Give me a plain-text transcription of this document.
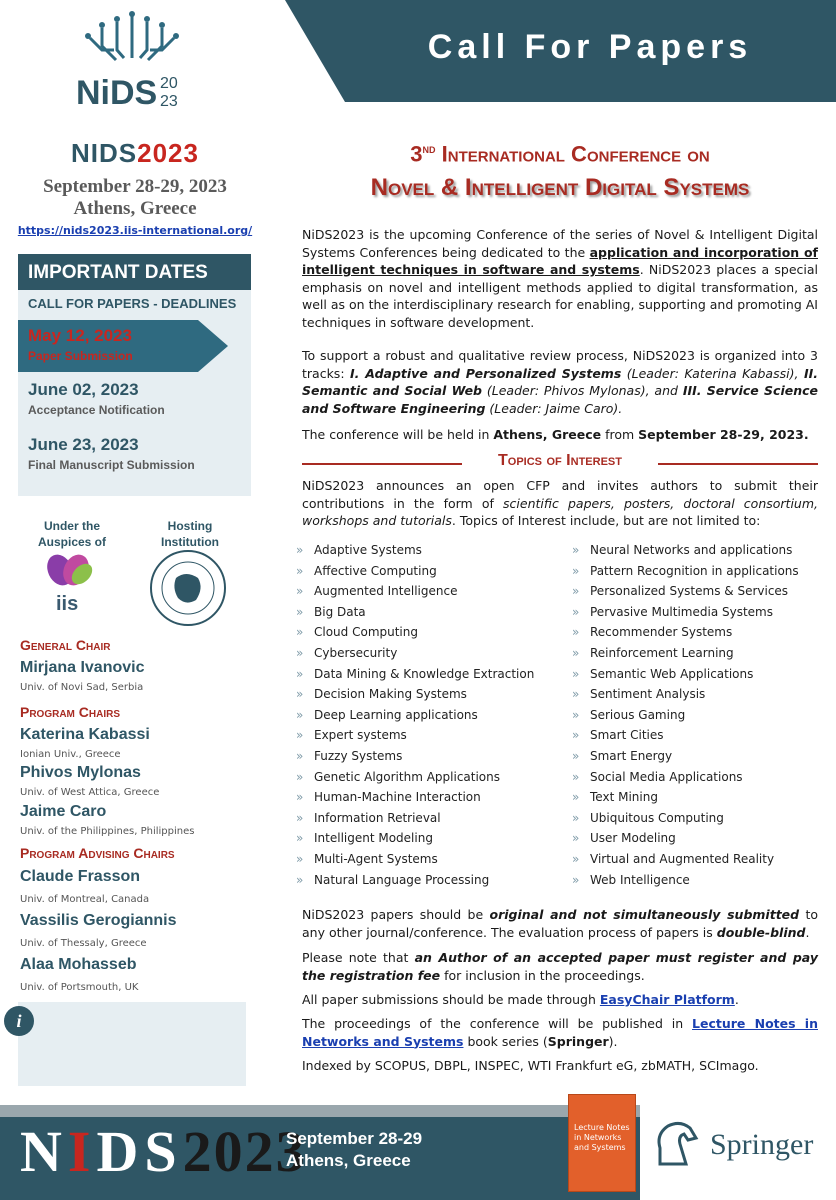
Call For Papers
NiDS 20
23
NIDS2023
September 28-29, 2023
Athens, Greece
https://nids2023.iis-international.org/
IMPORTANT DATES
CALL FOR PAPERS - DEADLINES
May 12, 2023
Paper Submission
June 02, 2023
Acceptance Notification
June 23, 2023
Final Manuscript Submission
Under the
Auspices of
iis
Hosting
Institution
General Chair
Mirjana Ivanovic
Univ. of Novi Sad, Serbia
Program Chairs
Katerina Kabassi
Ionian Univ., Greece
Phivos Mylonas
Univ. of West Attica, Greece
Jaime Caro
Univ. of the Philippines, Philippines
Program Advising Chairs
Claude Frasson
Univ. of Montreal, Canada
Vassilis Gerogiannis
Univ. of Thessaly, Greece
Alaa Mohasseb
Univ. of Portsmouth, UK
i
3nd International Conference on
Novel & Intelligent Digital Systems
NiDS2023 is the upcoming Conference of the series of Novel & Intelligent Digital Systems Conferences being dedicated to the application and incorporation of intelligent techniques in software and systems. NiDS2023 places a special emphasis on novel and intelligent methods applied to digital transformation, as well as on the interdisciplinary research for enabling, supporting and promoting AI techniques in software development.
To support a robust and qualitative review process, NiDS2023 is organized into 3 tracks: I. Adaptive and Personalized Systems (Leader: Katerina Kabassi), II. Semantic and Social Web (Leader: Phivos Mylonas), and III. Service Science and Software Engineering (Leader: Jaime Caro).
The conference will be held in Athens, Greece from September 28-29, 2023.
Topics of Interest
NiDS2023 announces an open CFP and invites authors to submit their contributions in the form of scientific papers, posters, doctoral consortium, workshops and tutorials. Topics of Interest include, but are not limited to:
» Adaptive Systems
» Affective Computing
» Augmented Intelligence
» Big Data
» Cloud Computing
» Cybersecurity
» Data Mining & Knowledge Extraction
» Decision Making Systems
» Deep Learning applications
» Expert systems
» Fuzzy Systems
» Genetic Algorithm Applications
» Human-Machine Interaction
» Information Retrieval
» Intelligent Modeling
» Multi-Agent Systems
» Natural Language Processing
» Neural Networks and applications
» Pattern Recognition in applications
» Personalized Systems & Services
» Pervasive Multimedia Systems
» Recommender Systems
» Reinforcement Learning
» Semantic Web Applications
» Sentiment Analysis
» Serious Gaming
» Smart Cities
» Smart Energy
» Social Media Applications
» Text Mining
» Ubiquitous Computing
» User Modeling
» Virtual and Augmented Reality
» Web Intelligence
NiDS2023 papers should be original and not simultaneously submitted to any other journal/conference. The evaluation process of papers is double-blind.
Please note that an Author of an accepted paper must register and pay the registration fee for inclusion in the proceedings.
All paper submissions should be made through EasyChair Platform.
The proceedings of the conference will be published in Lecture Notes in Networks and Systems book series (Springer).
Indexed by SCOPUS, DBPL, INSPEC, WTI Frankfurt eG, zbMATH, SCImago.
NIDS2023
September 28-29
Athens, Greece
Lecture Notes in Networks and Systems	Springer
